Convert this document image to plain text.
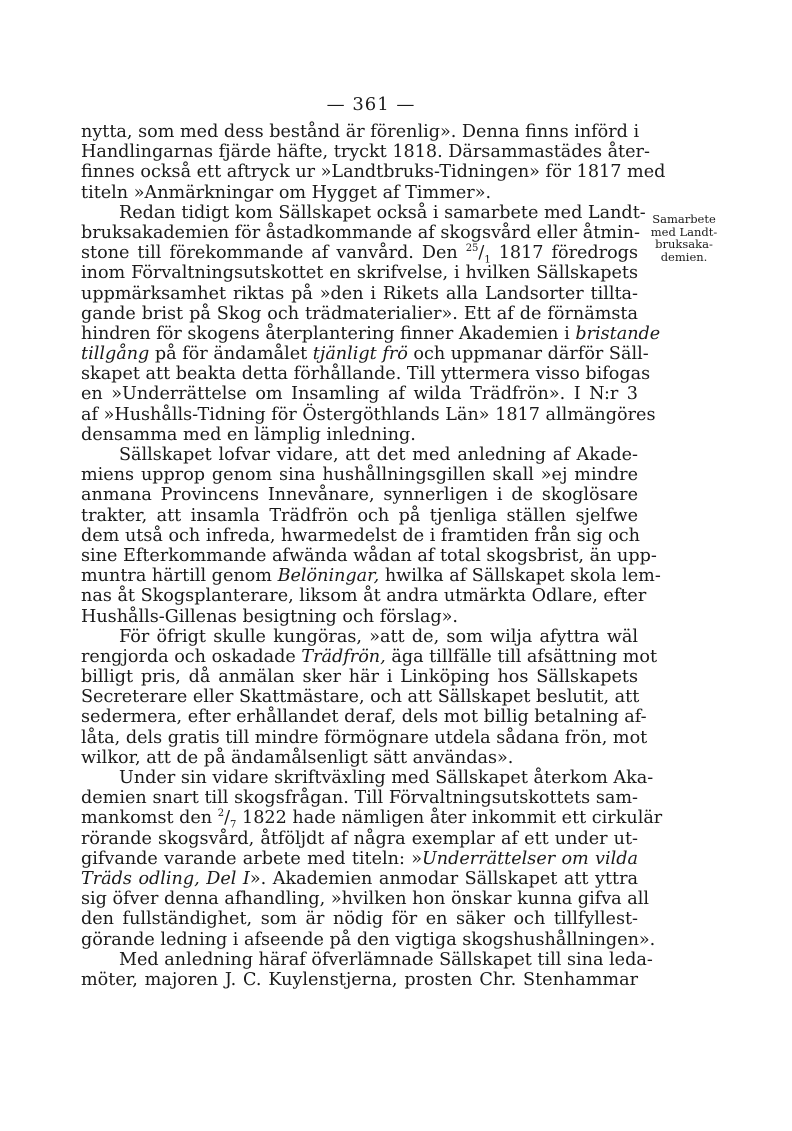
— 361 —
Samarbete
med Landt-
bruksaka-
demien.
nytta, som med dess bestånd är förenlig». Denna finns införd i
Handlingarnas fjärde häfte, tryckt 1818. Därsammastädes åter-
finnes också ett aftryck ur »Landtbruks-Tidningen» för 1817 med
titeln »Anmärkningar om Hygget af Timmer».
Redan tidigt kom Sällskapet också i samarbete med Landt-
bruksakademien för åstadkommande af skogsvård eller åtmin-
stone till förekommande af vanvård. Den $^{25}/_1$ 1817 föredrogs
inom Förvaltningsutskottet en skrifvelse, i hvilken Sällskapets
uppmärksamhet riktas på »den i Rikets alla Landsorter tillta-
gande brist på Skog och trädmaterialier». Ett af de förnämsta
hindren för skogens återplantering finner Akademien i bristande
tillgång på för ändamålet tjänligt frö och uppmanar därför Säll-
skapet att beakta detta förhållande. Till yttermera visso bifogas
en »Underrättelse om Insamling af wilda Trädfrön». I N:r 3
af »Hushålls-Tidning för Östergöthlands Län» 1817 allmängöres
densamma med en lämplig inledning.
Sällskapet lofvar vidare, att det med anledning af Akade-
miens upprop genom sina hushållningsgillen skall »ej mindre
anmana Provincens Innevånare, synnerligen i de skoglösare
trakter, att insamla Trädfrön och på tjenliga ställen sjelfwe
dem utså och infreda, hwarmedelst de i framtiden från sig och
sine Efterkommande afwända wådan af total skogsbrist, än upp-
muntra härtill genom Belöningar, hwilka af Sällskapet skola lem-
nas åt Skogsplanterare, liksom åt andra utmärkta Odlare, efter
Hushålls-Gillenas besigtning och förslag».
För öfrigt skulle kungöras, »att de, som wilja afyttra wäl
rengjorda och oskadade Trädfrön, äga tillfälle till afsättning mot
billigt pris, då anmälan sker här i Linköping hos Sällskapets
Secreterare eller Skattmästare, och att Sällskapet beslutit, att
sedermera, efter erhållandet deraf, dels mot billig betalning af-
låta, dels gratis till mindre förmögnare utdela sådana frön, mot
wilkor, att de på ändamålsenligt sätt användas».
Under sin vidare skriftväxling med Sällskapet återkom Aka-
demien snart till skogsfrågan. Till Förvaltningsutskottets sam-
mankomst den $^2/_7$ 1822 hade nämligen åter inkommit ett cirkulär
rörande skogsvård, åtföljdt af några exemplar af ett under ut-
gifvande varande arbete med titeln: »Underrättelser om vilda
Träds odling, Del I». Akademien anmodar Sällskapet att yttra
sig öfver denna afhandling, »hvilken hon önskar kunna gifva all
den fullständighet, som är nödig för en säker och tillfyllest-
görande ledning i afseende på den vigtiga skogshushållningen».
Med anledning häraf öfverlämnade Sällskapet till sina leda-
möter, majoren J. C. Kuylenstjerna, prosten Chr. Stenhammar
